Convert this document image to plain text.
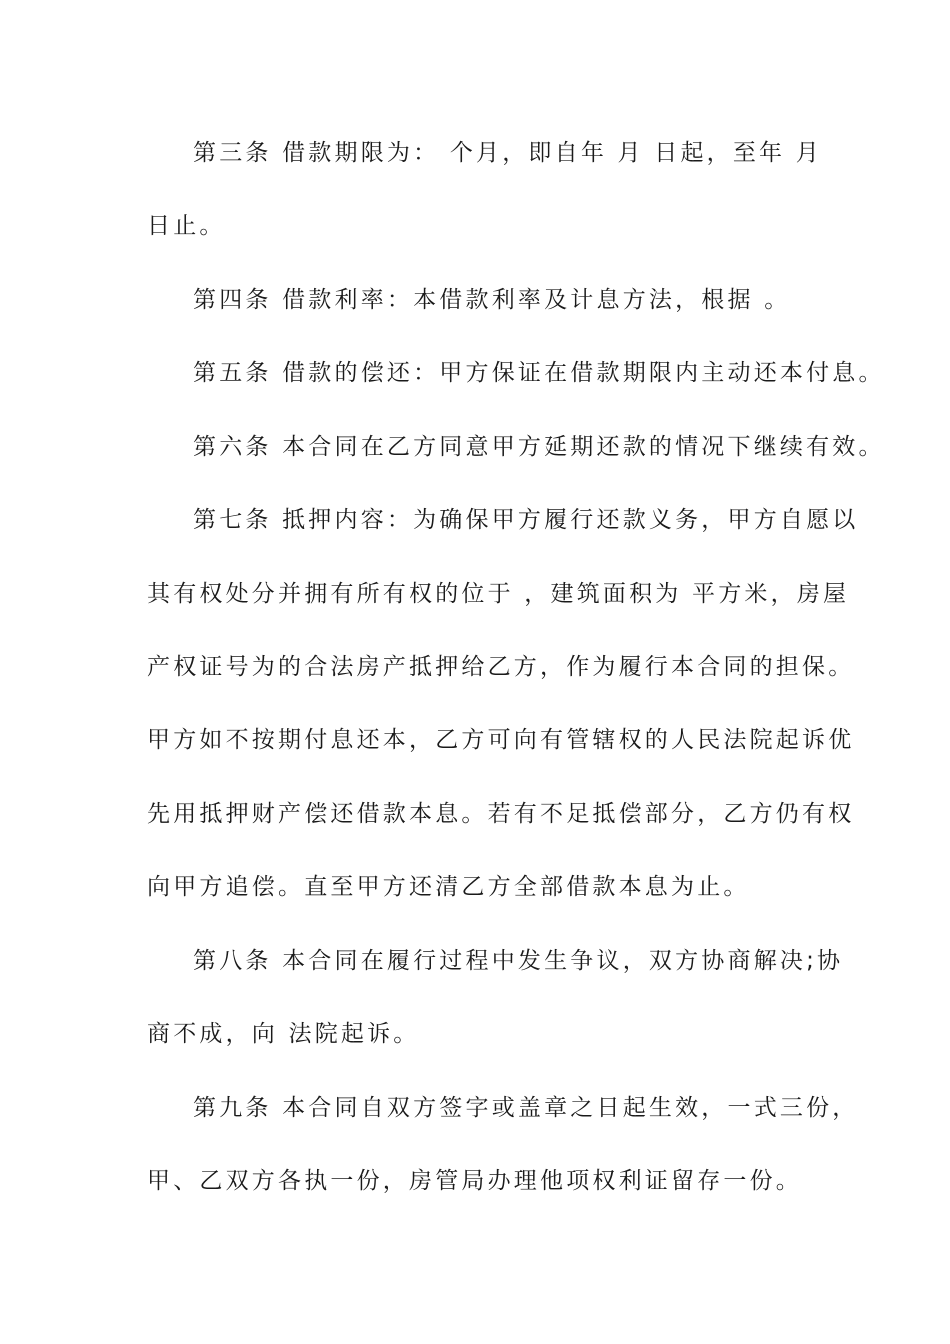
第三条 借款期限为： 个月，即自年 月 日起，至年 月
日止。
第四条 借款利率：本借款利率及计息方法，根据 。
第五条 借款的偿还：甲方保证在借款期限内主动还本付息。
第六条 本合同在乙方同意甲方延期还款的情况下继续有效。
第七条 抵押内容：为确保甲方履行还款义务，甲方自愿以
其有权处分并拥有所有权的位于 ，建筑面积为 平方米，房屋
产权证号为的合法房产抵押给乙方，作为履行本合同的担保。
甲方如不按期付息还本，乙方可向有管辖权的人民法院起诉优
先用抵押财产偿还借款本息。若有不足抵偿部分，乙方仍有权
向甲方追偿。直至甲方还清乙方全部借款本息为止。
第八条 本合同在履行过程中发生争议，双方协商解决;协
商不成，向 法院起诉。
第九条 本合同自双方签字或盖章之日起生效，一式三份，
甲、乙双方各执一份，房管局办理他项权利证留存一份。
